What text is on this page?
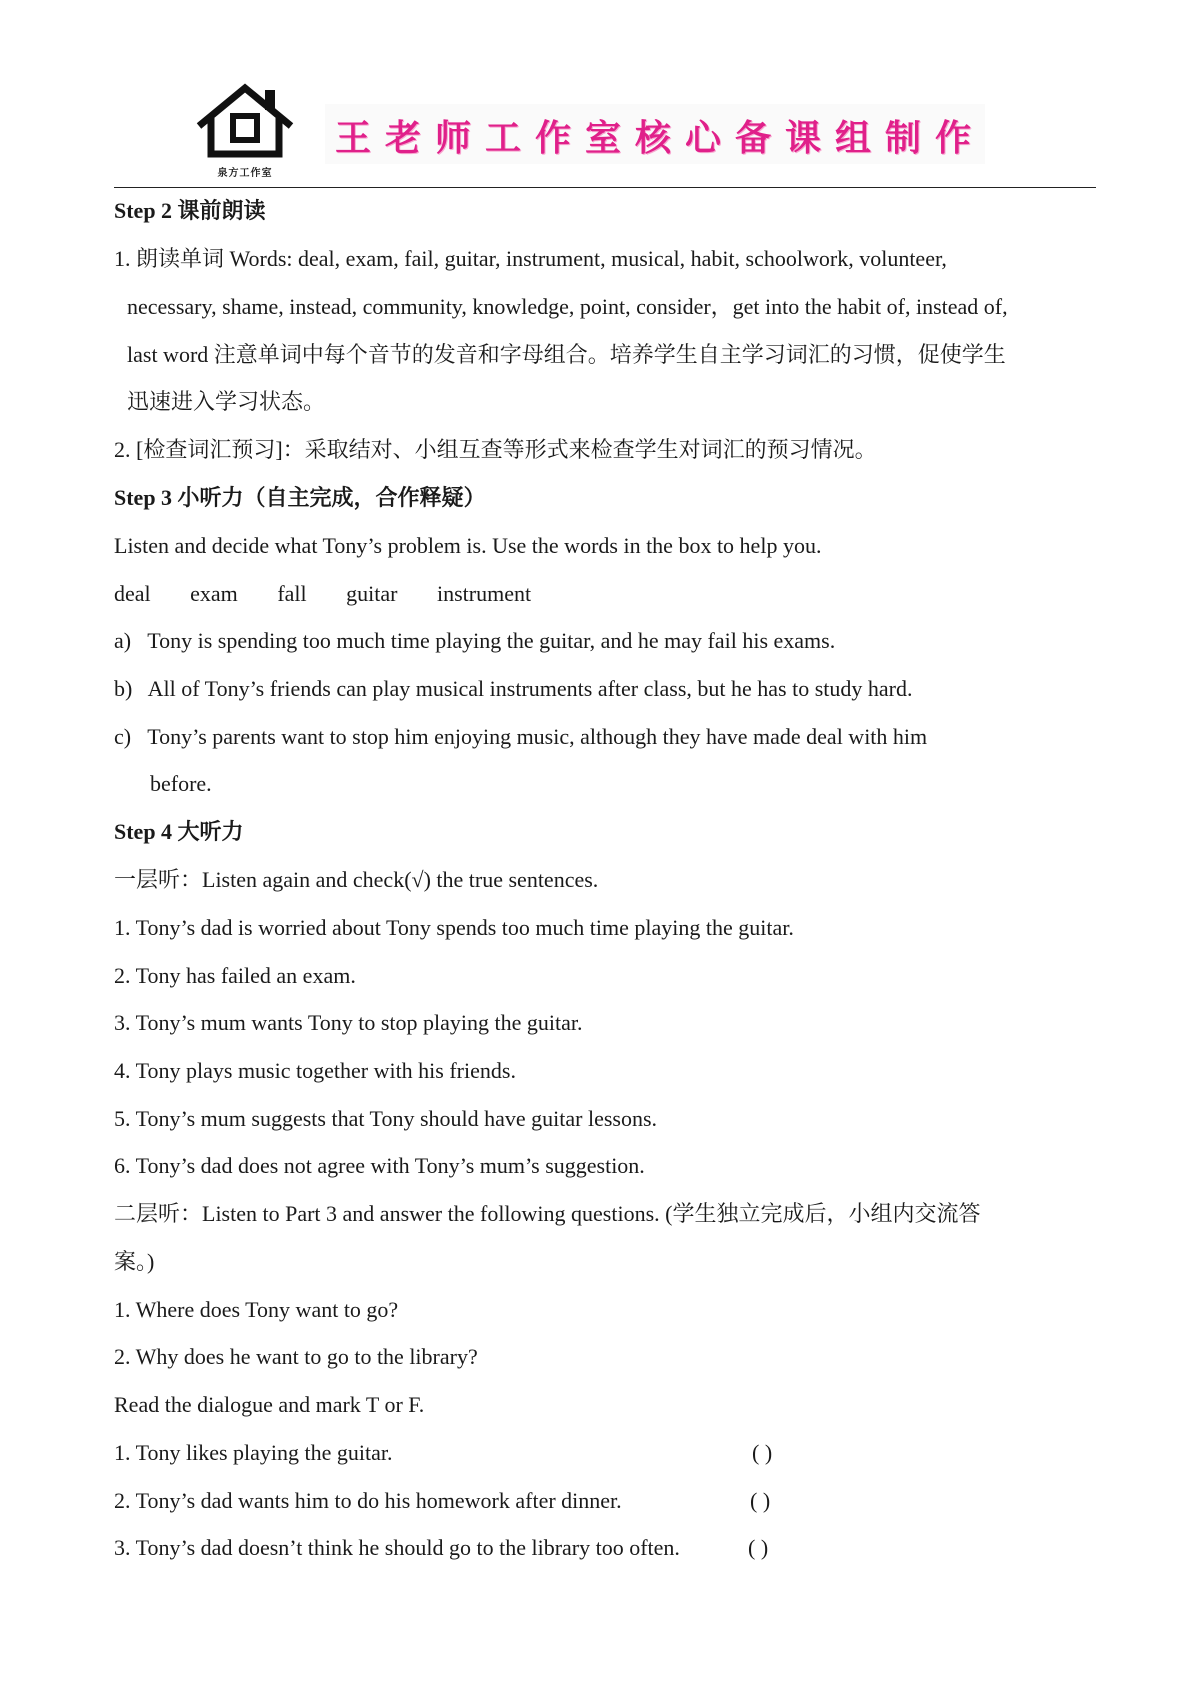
泉方工作室
王老师工作室核心备课组制作
Step 2 课前朗读
1. 朗读单词 Words: deal, exam, fail, guitar, instrument, musical, habit, schoolwork, volunteer,
necessary, shame, instead, community, knowledge, point, consider，get into the habit of, instead of,
last word 注意单词中每个音节的发音和字母组合。培养学生自主学习词汇的习惯，促使学生
迅速进入学习状态。
2. [检查词汇预习]：采取结对、小组互查等形式来检查学生对词汇的预习情况。
Step 3 小听力（自主完成，合作释疑）
Listen and decide what Tony’s problem is. Use the words in the box to help you.
deal exam fall guitar instrument
a) Tony is spending too much time playing the guitar, and he may fail his exams.
b) All of Tony’s friends can play musical instruments after class, but he has to study hard.
c)   Tony’s parents want to stop him enjoying music, although they have made deal with him
before.
Step 4 大听力
一层听：Listen again and check(√) the true sentences.
1. Tony’s dad is worried about Tony spends too much time playing the guitar.
2. Tony has failed an exam.
3. Tony’s mum wants Tony to stop playing the guitar.
4. Tony plays music together with his friends.
5. Tony’s mum suggests that Tony should have guitar lessons.
6. Tony’s dad does not agree with Tony’s mum’s suggestion.
二层听：Listen to Part 3 and answer the following questions. (学生独立完成后，小组内交流答
案。)
1. Where does Tony want to go?
2. Why does he want to go to the library?
Read the dialogue and mark T or F.
1. Tony likes playing the guitar.	( )
2. Tony’s dad wants him to do his homework after dinner.	( )
3. Tony’s dad doesn’t think he should go to the library too often.	( )
